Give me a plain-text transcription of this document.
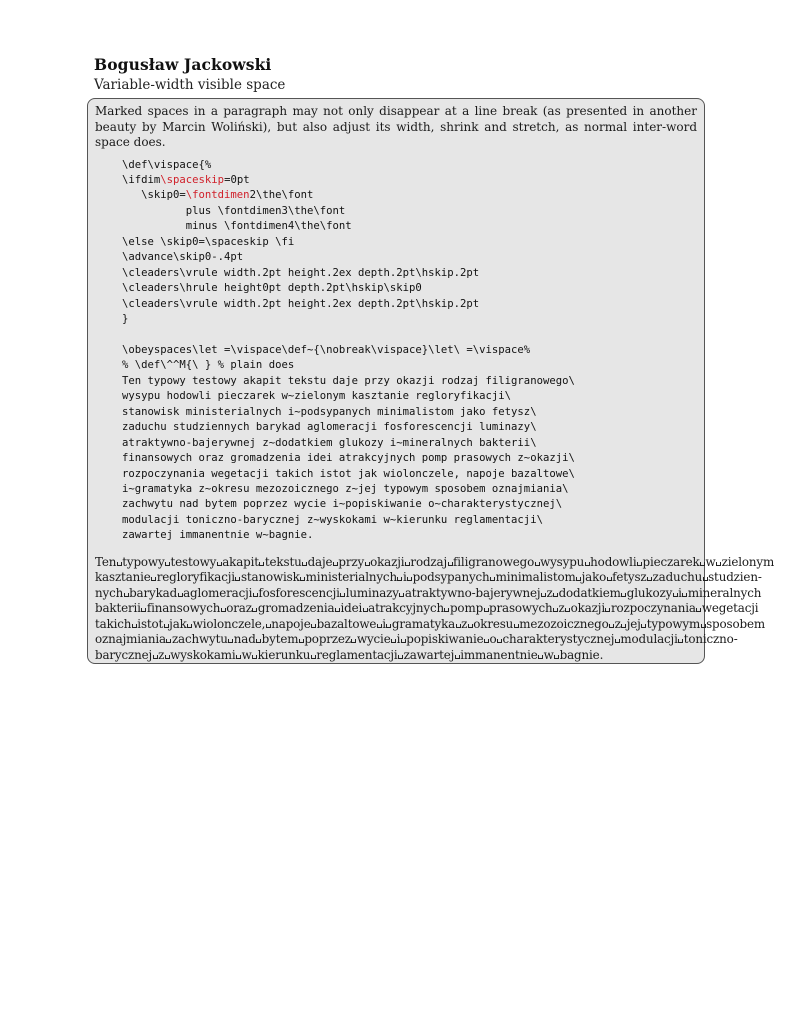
Bogusław Jackowski
Variable-width visible space

Marked spaces in a paragraph may not only disappear at a line break (as presented in another beauty by Marcin Woliński), but also adjust its width, shrink and stretch, as normal inter-word space does.

\def\vispace{%
\ifdim\spaceskip=0pt
\skip0=\fontdimen2\the\font
plus \fontdimen3\the\font
minus \fontdimen4\the\font
\else \skip0=\spaceskip \fi
\advance\skip0-.4pt
\cleaders\vrule width.2pt height.2ex depth.2pt\hskip.2pt
\cleaders\hrule height0pt depth.2pt\hskip\skip0
\cleaders\vrule width.2pt height.2ex depth.2pt\hskip.2pt
}

\obeyspaces\let =\vispace\def~{\nobreak\vispace}\let\ =\vispace%
% \def\^^M{\ } % plain does
Ten typowy testowy akapit tekstu daje przy okazji rodzaj filigranowego\
wysypu hodowli pieczarek w~zielonym kasztanie regloryfikacji\
stanowisk ministerialnych i~podsypanych minimalistom jako fetysz\
zaduchu studziennych barykad aglomeracji fosforescencji luminazy\
atraktywno-bajerywnej z~dodatkiem glukozy i~mineralnych bakterii\
finansowych oraz gromadzenia idei atrakcyjnych pomp prasowych z~okazji\
rozpoczynania wegetacji takich istot jak wiolonczele, napoje bazaltowe\
i~gramatyka z~okresu mezozoicznego z~jej typowym sposobem oznajmiania\
zachwytu nad bytem poprzez wycie i~popiskiwanie o~charakterystycznej\
modulacji toniczno-barycznej z~wyskokami w~kierunku reglamentacji\
zawartej immanentnie w~bagnie.
Ten typowy testowy akapit tekstu daje przy okazji rodzaj filigranowego wysypu hodowli pieczarek w zielonym
kasztanie regloryfikacji stanowisk ministerialnych i podsypanych minimalistom jako fetysz zaduchu studzien-
nych barykad aglomeracji fosforescencji luminazy atraktywno-bajerywnej z dodatkiem glukozy i mineralnych
bakterii finansowych oraz gromadzenia idei atrakcyjnych pomp prasowych z okazji rozpoczynania wegetacji
takich istot jak wiolonczele, napoje bazaltowe i gramatyka z okresu mezozoicznego z jej typowym sposobem
oznajmiania zachwytu nad bytem poprzez wycie i popiskiwanie o charakterystycznej modulacji toniczno-
barycznej z wyskokami w kierunku reglamentacji zawartej immanentnie w bagnie.
